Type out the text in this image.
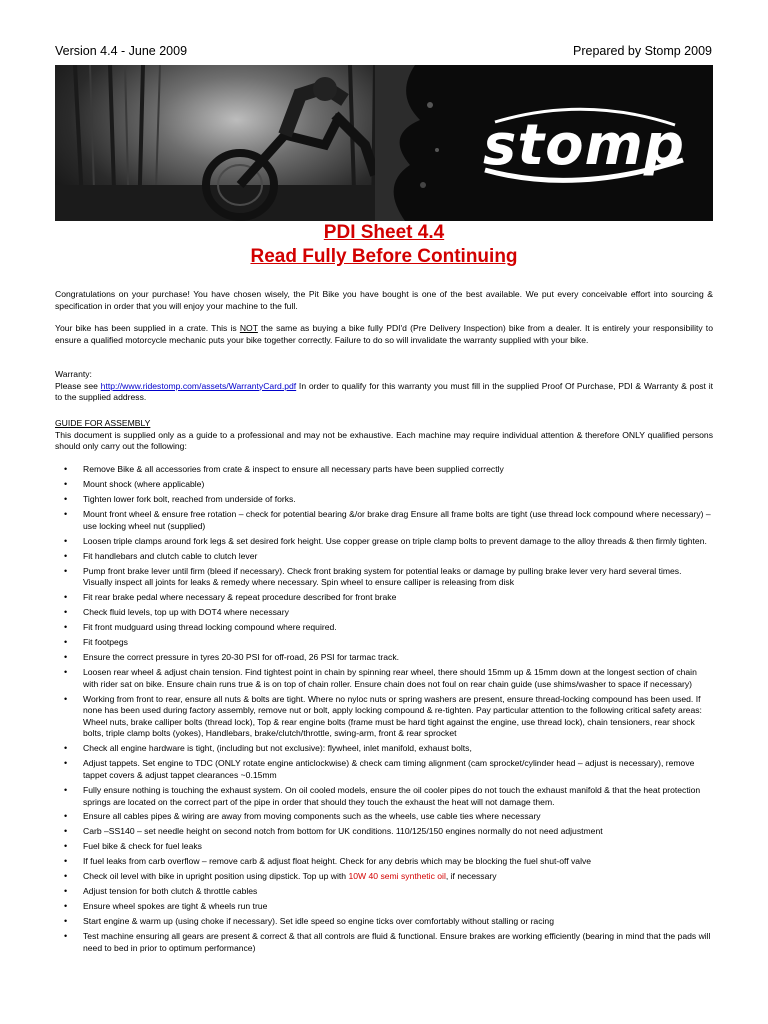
Version 4.4 - June 2009	Prepared by Stomp 2009
stomp
PDI Sheet 4.4
Read Fully Before Continuing
Congratulations on your purchase! You have chosen wisely, the Pit Bike you have bought is one of the best available. We put every conceivable effort into sourcing & specification in order that you will enjoy your machine to the full.
Your bike has been supplied in a crate. This is NOT the same as buying a bike fully PDI'd (Pre Delivery Inspection) bike from a dealer. It is entirely your responsibility to ensure a qualified motorcycle mechanic puts your bike together correctly. Failure to do so will invalidate the warranty supplied with your bike.
Warranty:
Please see http://www.ridestomp.com/assets/WarrantyCard.pdf In order to qualify for this warranty you must fill in the supplied Proof Of Purchase, PDI & Warranty & post it to the supplied address.
GUIDE FOR ASSEMBLY
This document is supplied only as a guide to a professional and may not be exhaustive. Each machine may require individual attention & therefore ONLY qualified persons should only carry out the following:
• Remove Bike & all accessories from crate & inspect to ensure all necessary parts have been supplied correctly
• Mount shock (where applicable)
• Tighten lower fork bolt, reached from underside of forks.
• Mount front wheel & ensure free rotation – check for potential bearing &/or brake drag Ensure all frame bolts are tight (use thread lock compound where necessary) – use locking wheel nut (supplied)
• Loosen triple clamps around fork legs & set desired fork height. Use copper grease on triple clamp bolts to prevent damage to the alloy threads & then firmly tighten.
• Fit handlebars and clutch cable to clutch lever
• Pump front brake lever until firm (bleed if necessary). Check front braking system for potential leaks or damage by pulling brake lever very hard several times. Visually inspect all joints for leaks & remedy where necessary. Spin wheel to ensure calliper is releasing from disk
• Fit rear brake pedal where necessary & repeat procedure described for front brake
• Check fluid levels, top up with DOT4 where necessary
• Fit front mudguard using thread locking compound where required.
• Fit footpegs
• Ensure the correct pressure in tyres 20-30 PSI for off-road, 26 PSI for tarmac track.
• Loosen rear wheel & adjust chain tension. Find tightest point in chain by spinning rear wheel, there should 15mm up & 15mm down at the longest section of chain with rider sat on bike. Ensure chain runs true & is on top of chain roller. Ensure chain does not foul on rear chain guide (use shims/washer to space if necessary)
• Working from front to rear, ensure all nuts & bolts are tight. Where no nyloc nuts or spring washers are present, ensure thread-locking compound has been used. If none has been used during factory assembly, remove nut or bolt, apply locking compound & re-tighten. Pay particular attention to the following critical safety areas: Wheel nuts, brake calliper bolts (thread lock), Top & rear engine bolts (frame must be hard tight against the engine, use thread lock), chain tensioners, rear shock bolts, triple clamp bolts (yokes), Handlebars, brake/clutch/throttle, swing-arm, front & rear sprocket
• Check all engine hardware is tight, (including but not exclusive): flywheel, inlet manifold, exhaust bolts,
• Adjust tappets. Set engine to TDC (ONLY rotate engine anticlockwise) & check cam timing alignment (cam sprocket/cylinder head – adjust is necessary), remove tappet covers & adjust tappet clearances ~0.15mm
• Fully ensure nothing is touching the exhaust system. On oil cooled models, ensure the oil cooler pipes do not touch the exhaust manifold & that the heat protection springs are located on the correct part of the pipe in order that should they touch the exhaust the heat will not damage them.
• Ensure all cables pipes & wiring are away from moving components such as the wheels, use cable ties where necessary
• Carb –SS140 – set needle height on second notch from bottom for UK conditions. 110/125/150 engines normally do not need adjustment
• Fuel bike & check for fuel leaks
• If fuel leaks from carb overflow – remove carb & adjust float height. Check for any debris which may be blocking the fuel shut-off valve
• Check oil level with bike in upright position using dipstick. Top up with 10W 40 semi synthetic oil, if necessary
• Adjust tension for both clutch & throttle cables
• Ensure wheel spokes are tight & wheels run true
• Start engine & warm up (using choke if necessary). Set idle speed so engine ticks over comfortably without stalling or racing
• Test machine ensuring all gears are present & correct & that all controls are fluid & functional. Ensure brakes are working efficiently (bearing in mind that the pads will need to bed in prior to optimum performance)
